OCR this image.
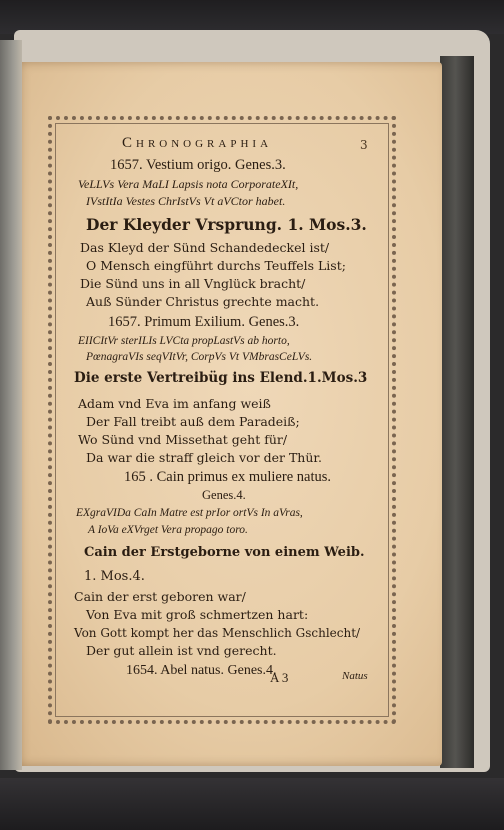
3
Chronographia
1657. Vestium origo. Genes.3.
VeLLVs Vera MaLI Lapsis nota CorporateXIt,
IVstItIa Vestes ChrIstVs Vt aVCtor habet.
Der Kleyder Vrsprung. 1. Mos.3.
Das Kleyd der Sünd Schandedeckel ist/
O Mensch eingführt durchs Teuffels List;
Die Sünd uns in all Vnglück bracht/
Auß Sünder Christus grechte macht.
1657. Primum Exilium. Genes.3.
EIICItVr sterILIs LVCta propLastVs ab horto,
PœnagraVIs seqVItVr, CorpVs Vt VMbrasCeLVs.
Die erste Vertreibüg ins Elend.1.Mos.3
Adam vnd Eva im anfang weiß
Der Fall treibt auß dem Paradeiß;
Wo Sünd vnd Missethat geht für/
Da war die straff gleich vor der Thür.
165 . Cain primus ex muliere natus.
Genes.4.
EXgraVIDa CaIn Matre est prIor ortVs In aVras,
A IoVa eXVrget Vera propago toro.
Cain der Erstgeborne von einem Weib.
1. Mos.4.
Cain der erst geboren war/
Von Eva mit groß schmertzen hart:
Von Gott kompt her das Menschlich Gschlecht/
Der gut allein ist vnd gerecht.
1654. Abel natus. Genes.4.
A 3	Natus
